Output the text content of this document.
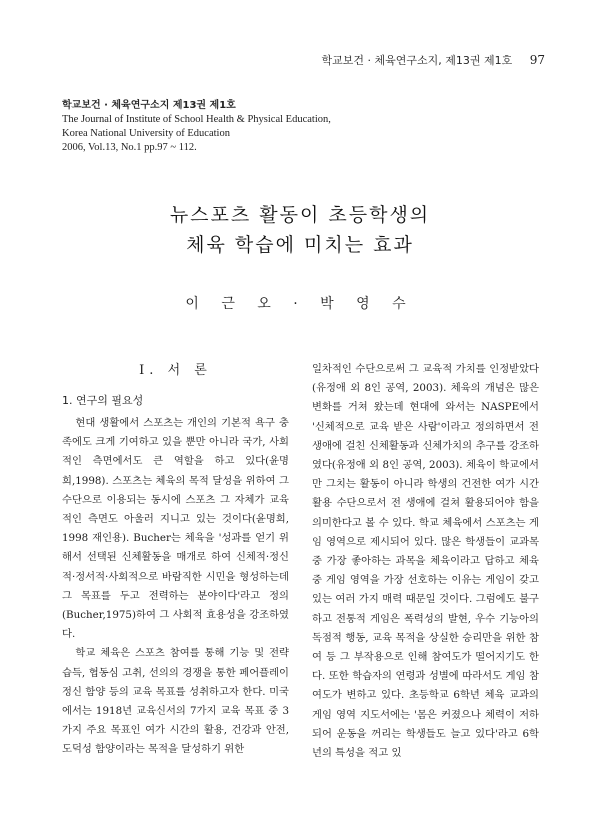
학교보건 · 체육연구소지, 제13권 제1호 97
학교보건 · 체육연구소지 제13권 제1호
The Journal of Institute of School Health & Physical Education,
Korea National University of Education
2006, Vol.13, No.1 pp.97 ~ 112.
뉴스포츠 활동이 초등학생의
체육 학습에 미치는 효과
이 근 오 · 박 영 수
Ⅰ. 서 론
1. 연구의 필요성

현대 생활에서 스포츠는 개인의 기본적 욕구 충족에도 크게 기여하고 있을 뿐만 아니라 국가, 사회적인 측면에서도 큰 역할을 하고 있다(윤명희,1998). 스포츠는 체육의 목적 달성을 위하여 그 수단으로 이용되는 동시에 스포츠 그 자체가 교육적인 측면도 아울러 지니고 있는 것이다(윤명희, 1998 재인용). Bucher는 체육을 '성과를 얻기 위해서 선택된 신체활동을 매개로 하여 신체적·정신적·정서적·사회적으로 바람직한 시민을 형성하는데 그 목표를 두고 전력하는 분야이다'라고 정의 (Bucher,1975)하여 그 사회적 효용성을 강조하였다.

학교 체육은 스포츠 참여를 통해 기능 및 전략 습득, 협동심 고취, 선의의 경쟁을 통한 페어플레이 정신 함양 등의 교육 목표를 성취하고자 한다. 미국에서는 1918년 교육신서의 7가지 교육 목표 중 3가지 주요 목표인 여가 시간의 활용, 건강과 안전, 도덕성 함양이라는 목적을 달성하기 위한

일차적인 수단으로써 그 교육적 가치를 인정받았다(유정애 외 8인 공역, 2003). 체육의 개념은 많은 변화를 거쳐 왔는데 현대에 와서는 NASPE에서 '신체적으로 교육 받은 사람'이라고 정의하면서 전 생애에 걸친 신체활동과 신체가치의 추구를 강조하였다(유정애 외 8인 공역, 2003). 체육이 학교에서만 그치는 활동이 아니라 학생의 건전한 여가 시간 활용 수단으로서 전 생애에 걸쳐 활용되어야 함을 의미한다고 볼 수 있다. 학교 체육에서 스포츠는 게임 영역으로 제시되어 있다. 많은 학생들이 교과목 중 가장 좋아하는 과목을 체육이라고 답하고 체육 중 게임 영역을 가장 선호하는 이유는 게임이 갖고 있는 여러 가지 매력 때문일 것이다. 그럼에도 불구하고 전통적 게임은 폭력성의 발현, 우수 기능아의 독점적 행동, 교육 목적을 상실한 승리만을 위한 참여 등 그 부작용으로 인해 참여도가 떨어지기도 한다. 또한 학습자의 연령과 성별에 따라서도 게임 참여도가 변하고 있다. 초등학교 6학년 체육 교과의 게임 영역 지도서에는 '몸은 커졌으나 체력이 저하되어 운동을 꺼리는 학생들도 늘고 있다'라고 6학년의 특성을 적고 있
